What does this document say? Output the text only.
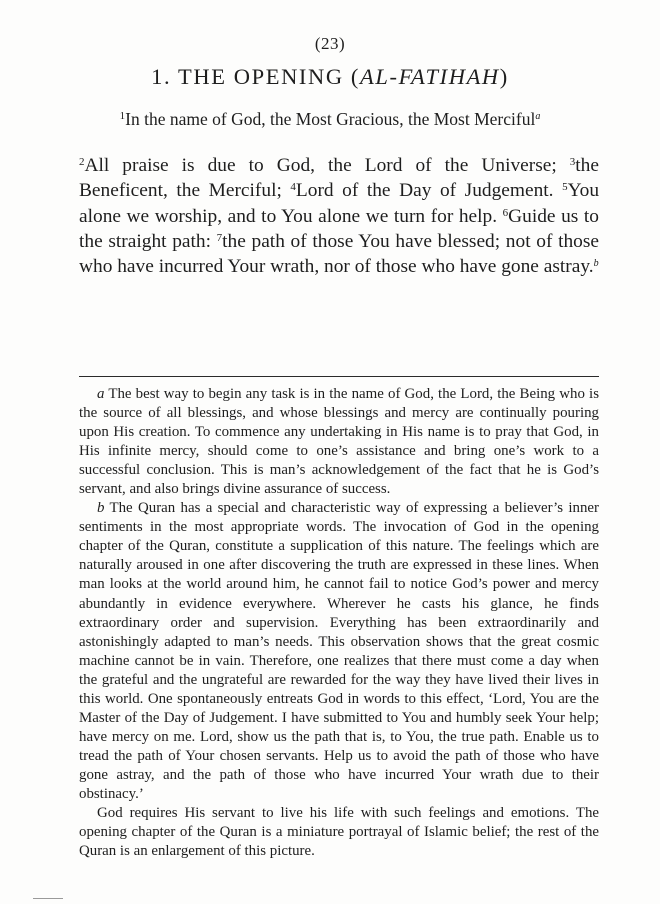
(23)
1. THE OPENING (AL-FATIHAH)
$^1$In the name of God, the Most Gracious, the Most Merciful$^a$

$^2$All praise is due to God, the Lord of the Universe; $^3$the Beneficent, the Merciful; $^4$Lord of the Day of Judgement. $^5$You alone we worship, and to You alone we turn for help. $^6$Guide us to the straight path: $^7$the path of those You have blessed; not of those who have incurred Your wrath, nor of those who have gone astray.$^b$

a The best way to begin any task is in the name of God, the Lord, the Being who is the source of all blessings, and whose blessings and mercy are continually pouring upon His creation. To commence any undertaking in His name is to pray that God, in His infinite mercy, should come to one’s assistance and bring one’s work to a successful conclusion. This is man’s acknowledgement of the fact that he is God’s servant, and also brings divine assurance of success.

b The Quran has a special and characteristic way of expressing a believer’s inner sentiments in the most appropriate words. The invocation of God in the opening chapter of the Quran, constitute a supplication of this nature. The feelings which are naturally aroused in one after discovering the truth are expressed in these lines. When man looks at the world around him, he cannot fail to notice God’s power and mercy abundantly in evidence everywhere. Wherever he casts his glance, he finds extraordinary order and supervision. Everything has been extraordinarily and astonishingly adapted to man’s needs. This observation shows that the great cosmic machine cannot be in vain. Therefore, one realizes that there must come a day when the grateful and the ungrateful are rewarded for the way they have lived their lives in this world. One spontaneously entreats God in words to this effect, ‘Lord, You are the Master of the Day of Judgement. I have submitted to You and humbly seek Your help; have mercy on me. Lord, show us the path that is, to You, the true path. Enable us to tread the path of Your chosen servants. Help us to avoid the path of those who have gone astray, and the path of those who have incurred Your wrath due to their obstinacy.’

God requires His servant to live his life with such feelings and emotions. The opening chapter of the Quran is a miniature portrayal of Islamic belief; the rest of the Quran is an enlargement of this picture.
